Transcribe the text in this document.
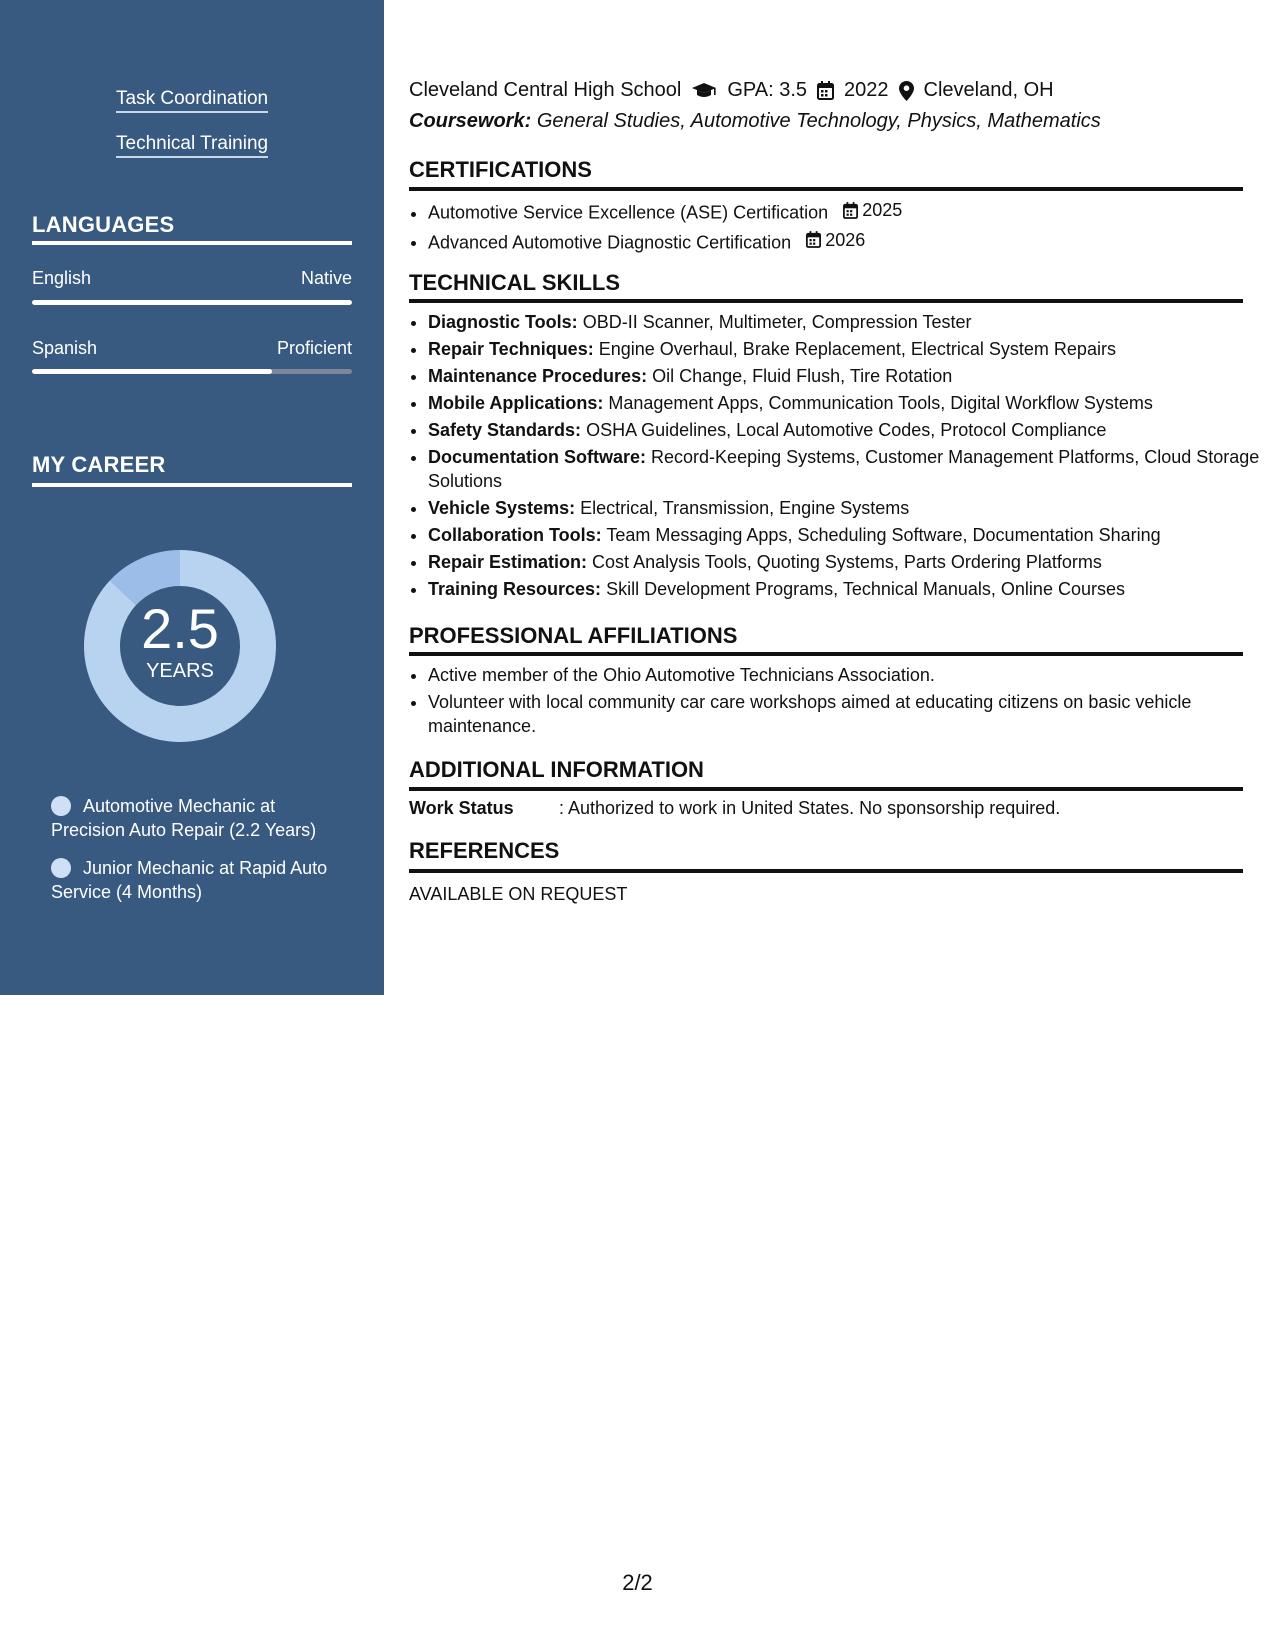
Task Coordination
Technical Training
LANGUAGES
English	Native
Spanish	Proficient
MY CAREER
2.5
YEARS
Automotive Mechanic at Precision Auto Repair (2.2 Years)
Junior Mechanic at Rapid Auto Service (4 Months)
Cleveland Central High School GPA: 3.5 2022 Cleveland, OH
Coursework: General Studies, Automotive Technology, Physics, Mathematics
CERTIFICATIONS
• Automotive Service Excellence (ASE) Certification 2025
• Advanced Automotive Diagnostic Certification 2026
TECHNICAL SKILLS
• Diagnostic Tools: OBD-II Scanner, Multimeter, Compression Tester
• Repair Techniques: Engine Overhaul, Brake Replacement, Electrical System Repairs
• Maintenance Procedures: Oil Change, Fluid Flush, Tire Rotation
• Mobile Applications: Management Apps, Communication Tools, Digital Workflow Systems
• Safety Standards: OSHA Guidelines, Local Automotive Codes, Protocol Compliance
• Documentation Software: Record-Keeping Systems, Customer Management Platforms, Cloud Storage Solutions
• Vehicle Systems: Electrical, Transmission, Engine Systems
• Collaboration Tools: Team Messaging Apps, Scheduling Software, Documentation Sharing
• Repair Estimation: Cost Analysis Tools, Quoting Systems, Parts Ordering Platforms
• Training Resources: Skill Development Programs, Technical Manuals, Online Courses
PROFESSIONAL AFFILIATIONS
• Active member of the Ohio Automotive Technicians Association.
• Volunteer with local community car care workshops aimed at educating citizens on basic vehicle maintenance.
ADDITIONAL INFORMATION
Work Status	: Authorized to work in United States. No sponsorship required.
REFERENCES
AVAILABLE ON REQUEST
2/2
